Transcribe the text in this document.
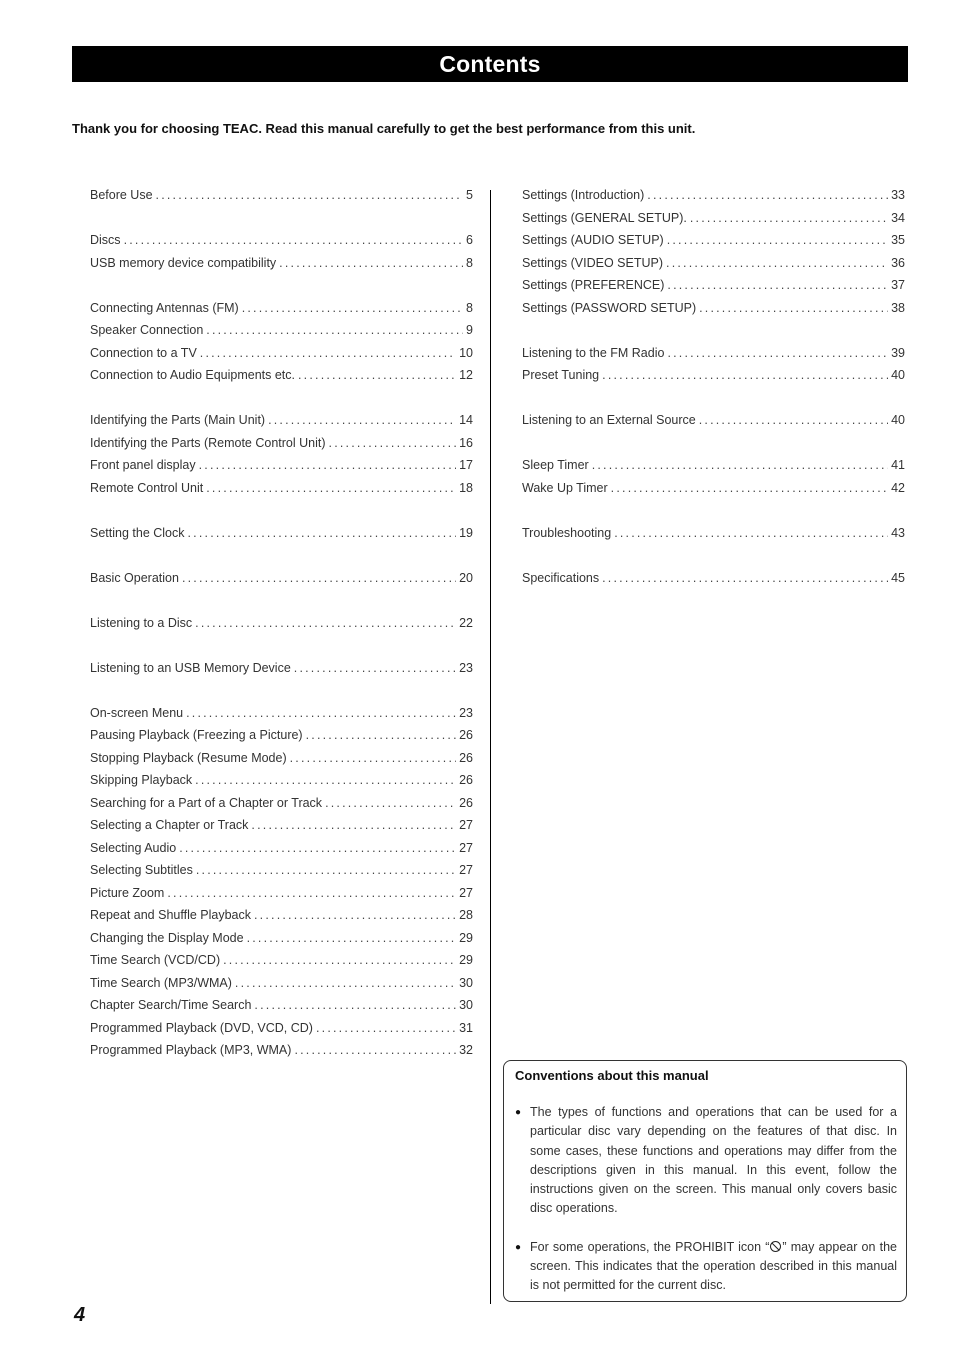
Contents
Thank you for choosing TEAC. Read this manual carefully to get the best performance from this unit.
Before Use .....	5
Discs .....	6
USB memory device compatibility .....	8
Connecting Antennas (FM) .....	8
Speaker Connection .....	9
Connection to a TV .....	10
Connection to Audio Equipments etc. .....	12
Identifying the Parts (Main Unit) .....	14
Identifying the Parts (Remote Control Unit) .....	16
Front panel display .....	17
Remote Control Unit .....	18
Setting the Clock .....	19
Basic Operation .....	20
Listening to a Disc .....	22
Listening to an USB Memory Device .....	23
On-screen Menu .....	23
Pausing Playback (Freezing a Picture) .....	26
Stopping Playback (Resume Mode) .....	26
Skipping Playback .....	26
Searching for a Part of a Chapter or Track .....	26
Selecting a Chapter or Track .....	27
Selecting Audio .....	27
Selecting Subtitles .....	27
Picture Zoom .....	27
Repeat and Shuffle Playback .....	28
Changing the Display Mode .....	29
Time Search (VCD/CD) .....	29
Time Search (MP3/WMA) .....	30
Chapter Search/Time Search .....	30
Programmed Playback (DVD, VCD, CD) .....	31
Programmed Playback (MP3, WMA) .....	32
Settings (Introduction) .....	33
Settings (GENERAL SETUP). .....	34
Settings (AUDIO SETUP) .....	35
Settings (VIDEO SETUP) .....	36
Settings (PREFERENCE) .....	37
Settings (PASSWORD SETUP) .....	38
Listening to the FM Radio .....	39
Preset Tuning .....	40
Listening to an External Source .....	40
Sleep Timer .....	41
Wake Up Timer .....	42
Troubleshooting .....	43
Specifications .....	45
Conventions about this manual
● The types of functions and operations that can be used for a particular disc vary depending on the features of that disc. In some cases, these functions and operations may differ from the descriptions given in this manual. In this event, follow the instructions given on the screen. This manual only covers basic disc operations.
● For some operations, the PROHIBIT icon “ ” may appear on the screen. This indicates that the operation described in this manual is not permitted for the current disc.
4
